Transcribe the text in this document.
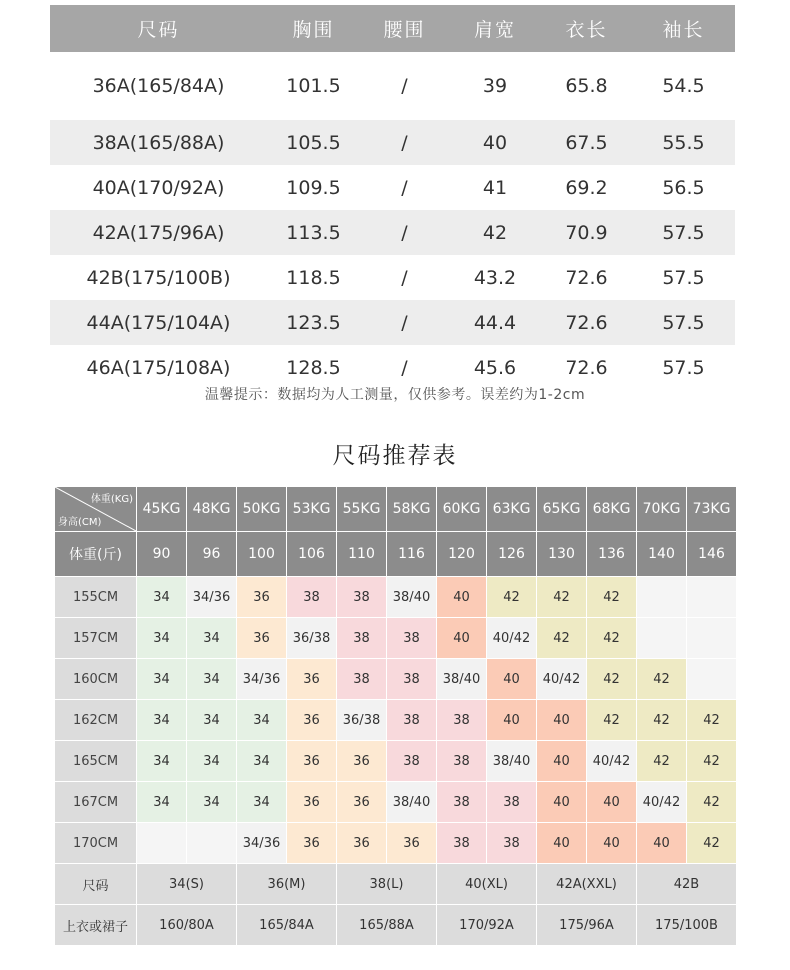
尺码	胸围	腰围	肩宽	衣长	袖长
36A(165/84A)	101.5	/	39	65.8	54.5
38A(165/88A)	105.5	/	40	67.5	55.5
40A(170/92A)	109.5	/	41	69.2	56.5
42A(175/96A)	113.5	/	42	70.9	57.5
42B(175/100B)	118.5	/	43.2	72.6	57.5
44A(175/104A)	123.5	/	44.4	72.6	57.5
46A(175/108A)	128.5	/	45.6	72.6	57.5
温馨提示：数据均为人工测量，仅供参考。误差约为1-2cm
尺码推荐表
体重(KG)
身高(CM)	45KG	48KG	50KG	53KG	55KG	58KG	60KG	63KG	65KG	68KG	70KG	73KG
体重(斤)	90	96	100	106	110	116	120	126	130	136	140	146
155CM	34	34/36	36	38	38	38/40	40	42	42	42		
157CM	34	34	36	36/38	38	38	40	40/42	42	42		
160CM	34	34	34/36	36	38	38	38/40	40	40/42	42	42	
162CM	34	34	34	36	36/38	38	38	40	40	42	42	42
165CM	34	34	34	36	36	38	38	38/40	40	40/42	42	42
167CM	34	34	34	36	36	38/40	38	38	40	40	40/42	42
170CM			34/36	36	36	36	38	38	40	40	40	42
尺码	34(S)		36(M)		38(L)		40(XL)		42A(XXL)		42B	
上衣或裙子	160/80A		165/84A		165/88A		170/92A		175/96A		175/100B	
